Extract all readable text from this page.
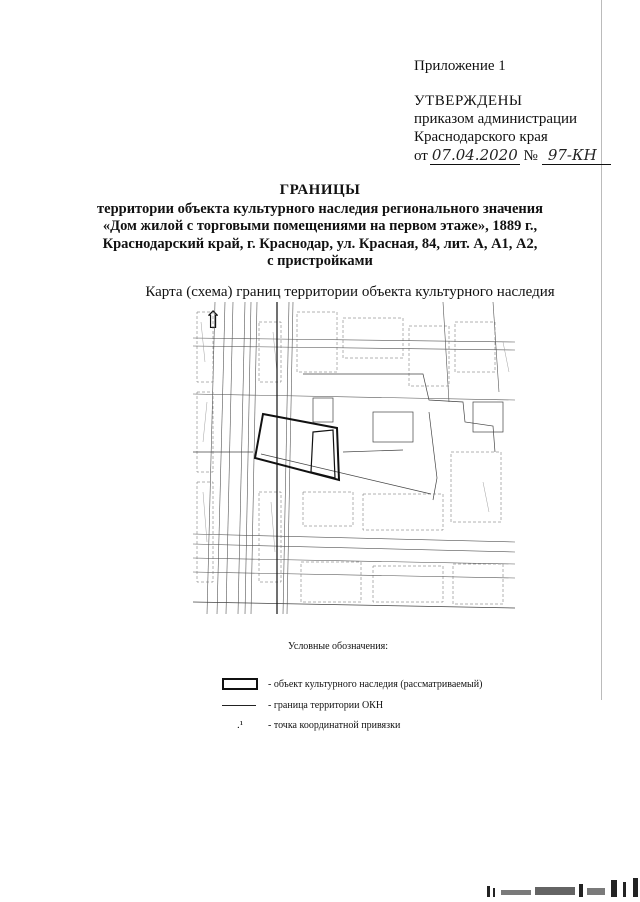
Приложение 1
УТВЕРЖДЕНЫ
приказом администрации
Краснодарского края
от 07.04.2020 № 97-КН
ГРАНИЦЫ
территории объекта культурного наследия регионального значения
«Дом жилой с торговыми помещениями на первом этаже», 1889 г.,
Краснодарский край, г. Краснодар, ул. Красная, 84, лит. А, А1, А2,
с пристройками
Карта (схема) границ территории объекта культурного наследия
⇧
Условные обозначения:
- объект культурного наследия (рассматриваемый)
- граница территории ОКН
.¹	- точка координатной привязки
